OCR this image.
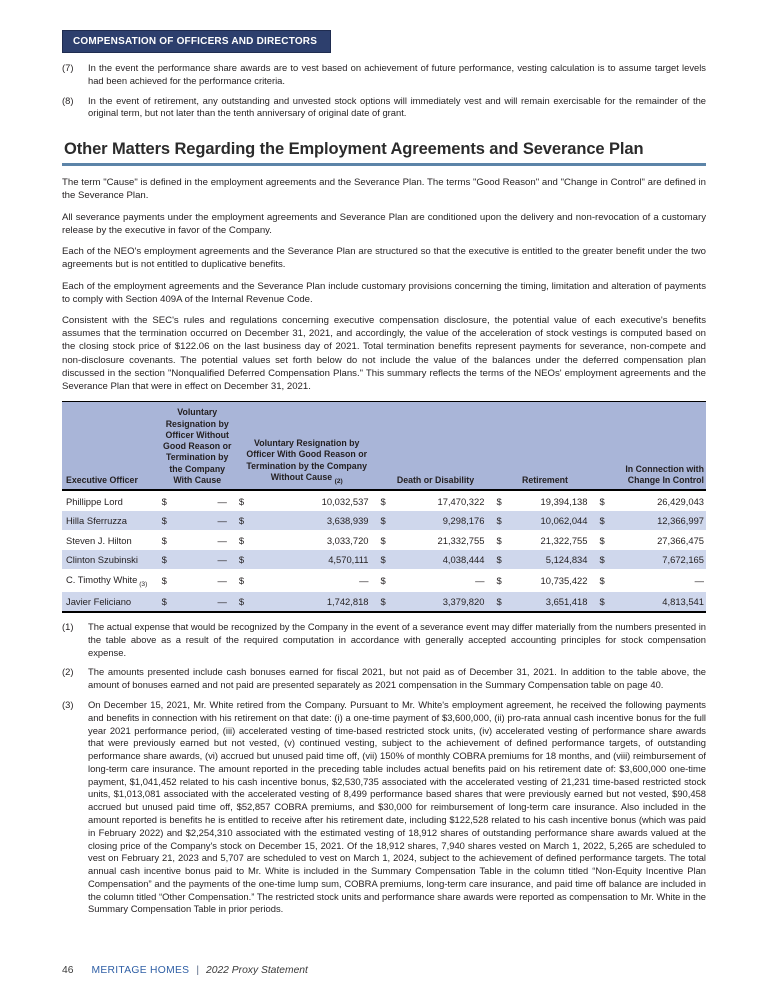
COMPENSATION OF OFFICERS AND DIRECTORS
(7)	In the event the performance share awards are to vest based on achievement of future performance, vesting calculation is to assume target levels had been achieved for the performance criteria.
(8)	In the event of retirement, any outstanding and unvested stock options will immediately vest and will remain exercisable for the remainder of the original term, but not later than the tenth anniversary of original date of grant.
Other Matters Regarding the Employment Agreements and Severance Plan

The term "Cause" is defined in the employment agreements and the Severance Plan. The terms "Good Reason" and "Change in Control" are defined in the Severance Plan.

All severance payments under the employment agreements and Severance Plan are conditioned upon the delivery and non-revocation of a customary release by the executive in favor of the Company.

Each of the NEO's employment agreements and the Severance Plan are structured so that the executive is entitled to the greater benefit under the two agreements but is not entitled to duplicative benefits.

Each of the employment agreements and the Severance Plan include customary provisions concerning the timing, limitation and alteration of payments to comply with Section 409A of the Internal Revenue Code.

Consistent with the SEC's rules and regulations concerning executive compensation disclosure, the potential value of each executive's benefits assumes that the termination occurred on December 31, 2021, and accordingly, the value of the acceleration of stock vestings is computed based on the closing stock price of $122.06 on the last business day of 2021. Total termination benefits represent payments for severance, non-compete and non-disclosure covenants. The potential values set forth below do not include the value of the balances under the deferred compensation plan discussed in the section "Nonqualified Deferred Compensation Plans." This summary reflects the terms of the NEOs' employment agreements and the Severance Plan that were in effect on December 31, 2021.

Executive Officer	Voluntary Resignation by Officer Without Good Reason or Termination by the Company With Cause	Voluntary Resignation by Officer With Good Reason or Termination by the Company Without Cause $_{(2)}$	Death or Disability	Retirement	In Connection with Change In Control
Phillippe Lord	$ —	$ 10,032,537	$ 17,470,322	$ 19,394,138	$ 26,429,043
Hilla Sferruzza	$ —	$ 3,638,939	$ 9,298,176	$ 10,062,044	$ 12,366,997
Steven J. Hilton	$ —	$ 3,033,720	$ 21,332,755	$ 21,322,755	$ 27,366,475
Clinton Szubinski	$ —	$ 4,570,111	$ 4,038,444	$ 5,124,834	$ 7,672,165
C. Timothy White $_{(3)}$	$ —	$ —	$ —	$ 10,735,422	$ —
Javier Feliciano	$ —	$ 1,742,818	$ 3,379,820	$ 3,651,418	$ 4,813,541
(1)	The actual expense that would be recognized by the Company in the event of a severance event may differ materially from the numbers presented in the table above as a result of the required computation in accordance with generally accepted accounting principles for stock compensation expense.
(2)	The amounts presented include cash bonuses earned for fiscal 2021, but not paid as of December 31, 2021. In addition to the table above, the amount of bonuses earned and not paid are presented separately as 2021 compensation in the Summary Compensation table on page 40.
(3)	On December 15, 2021, Mr. White retired from the Company. Pursuant to Mr. White's employment agreement, he received the following payments and benefits in connection with his retirement on that date: (i) a one-time payment of $3,600,000, (ii) pro-rata annual cash incentive bonus for the full year 2021 performance period, (iii) accelerated vesting of time-based restricted stock units, (iv) accelerated vesting of performance share awards that were previously earned but not vested, (v) continued vesting, subject to the achievement of defined performance targets, of outstanding performance share awards, (vi) accrued but unused paid time off, (vii) 150% of monthly COBRA premiums for 18 months, and (viii) reimbursement of long-term care insurance. The amount reported in the preceding table includes actual benefits paid on his retirement date of: $3,600,000 one-time payment, $1,041,452 related to his cash incentive bonus, $2,530,735 associated with the accelerated vesting of 21,231 time-based restricted stock units, $1,013,081 associated with the accelerated vesting of 8,499 performance based shares that were previously earned but not vested, $90,458 accrued but unused paid time off, $52,857 COBRA premiums, and $30,000 for reimbursement of long-term care insurance. Also included in the amount reported is benefits he is entitled to receive after his retirement date, including $122,528 related to his cash incentive bonus (which was paid in February 2022) and $2,254,310 associated with the estimated vesting of 18,912 shares of outstanding performance share awards valued at the closing price of the Company's stock on December 15, 2021. Of the 18,912 shares, 7,940 shares vested on March 1, 2022, 5,265 are scheduled to vest on February 21, 2023 and 5,707 are scheduled to vest on March 1, 2024, subject to the achievement of defined performance targets. The total annual cash incentive bonus paid to Mr. White is included in the Summary Compensation Table in the column titled “Non-Equity Incentive Plan Compensation” and the payments of the one-time lump sum, COBRA premiums, long-term care insurance, and paid time off balance are included in the column titled “Other Compensation.” The restricted stock units and performance share awards were reported as compensation to Mr. White in the Summary Compensation Table in prior periods.
46 MERITAGE HOMES | 2022 Proxy Statement
